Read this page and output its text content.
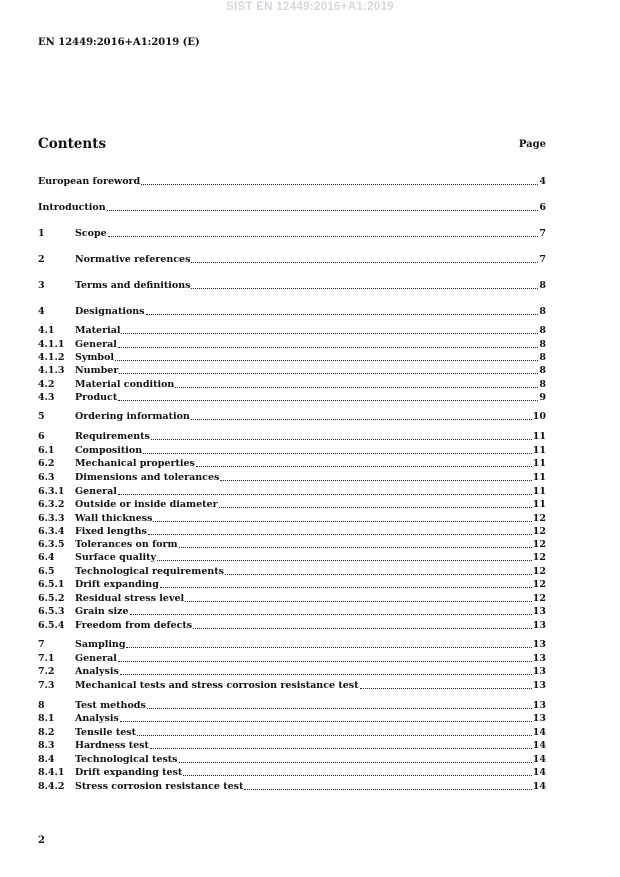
SIST EN 12449:2016+A1:2019
EN 12449:2016+A1:2019 (E)
Contents	Page
European foreword	4
Introduction	6
1	Scope	7
2	Normative references	7
3	Terms and definitions	8
4	Designations	8
4.1	Material	8
4.1.1	General	8
4.1.2	Symbol	8
4.1.3	Number	8
4.2	Material condition	8
4.3	Product	9
5	Ordering information	10
6	Requirements	11
6.1	Composition	11
6.2	Mechanical properties	11
6.3	Dimensions and tolerances	11
6.3.1	General	11
6.3.2	Outside or inside diameter	11
6.3.3	Wall thickness	12
6.3.4	Fixed lengths	12
6.3.5	Tolerances on form	12
6.4	Surface quality	12
6.5	Technological requirements	12
6.5.1	Drift expanding	12
6.5.2	Residual stress level	12
6.5.3	Grain size	13
6.5.4	Freedom from defects	13
7	Sampling	13
7.1	General	13
7.2	Analysis	13
7.3	Mechanical tests and stress corrosion resistance test	13
8	Test methods	13
8.1	Analysis	13
8.2	Tensile test	14
8.3	Hardness test	14
8.4	Technological tests	14
8.4.1	Drift expanding test	14
8.4.2	Stress corrosion resistance test	14
2
